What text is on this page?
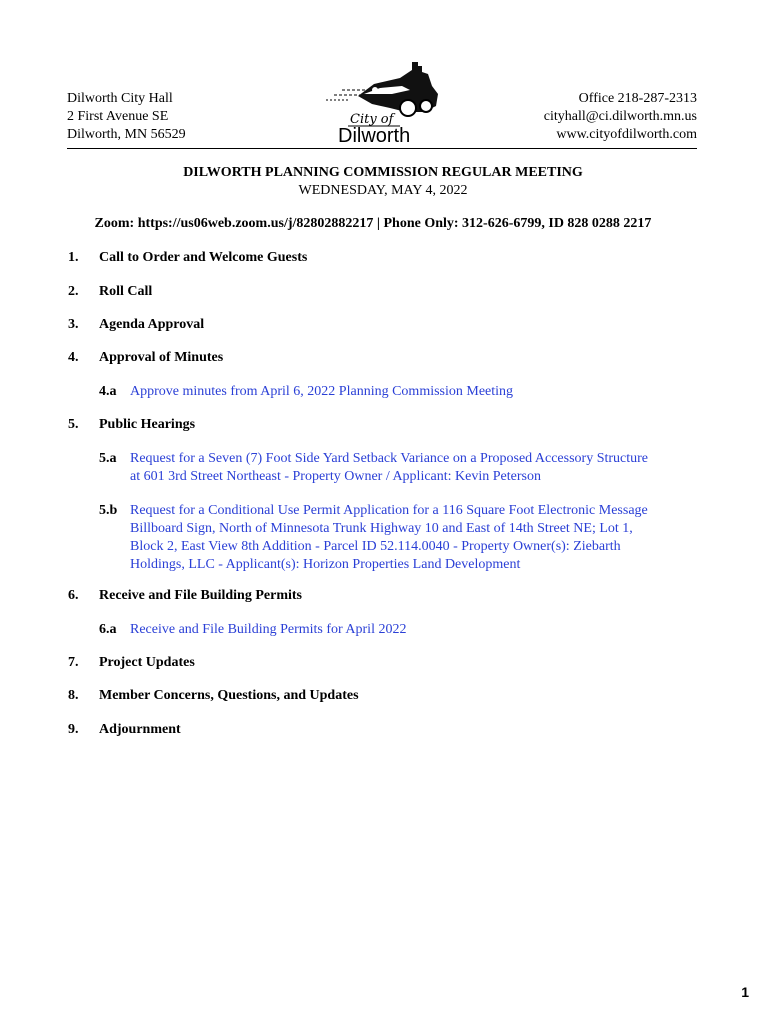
Dilworth City Hall
2 First Avenue SE
Dilworth, MN 56529
City of
Dilworth
Office 218-287-2313
cityhall@ci.dilworth.mn.us
www.cityofdilworth.com
DILWORTH PLANNING COMMISSION REGULAR MEETING
WEDNESDAY, MAY 4, 2022
Zoom: https://us06web.zoom.us/j/82802882217 | Phone Only: 312-626-6799, ID 828 0288 2217
1. Call to Order and Welcome Guests
2. Roll Call
3. Agenda Approval
4. Approval of Minutes
4.a Approve minutes from April 6, 2022 Planning Commission Meeting
5. Public Hearings
5.a Request for a Seven (7) Foot Side Yard Setback Variance on a Proposed Accessory Structure
at 601 3rd Street Northeast - Property Owner / Applicant: Kevin Peterson
5.b Request for a Conditional Use Permit Application for a 116 Square Foot Electronic Message
Billboard Sign, North of Minnesota Trunk Highway 10 and East of 14th Street NE; Lot 1,
Block 2, East View 8th Addition - Parcel ID 52.114.0040 - Property Owner(s): Ziebarth
Holdings, LLC - Applicant(s): Horizon Properties Land Development
6. Receive and File Building Permits
6.a Receive and File Building Permits for April 2022
7. Project Updates
8. Member Concerns, Questions, and Updates
9. Adjournment
1
